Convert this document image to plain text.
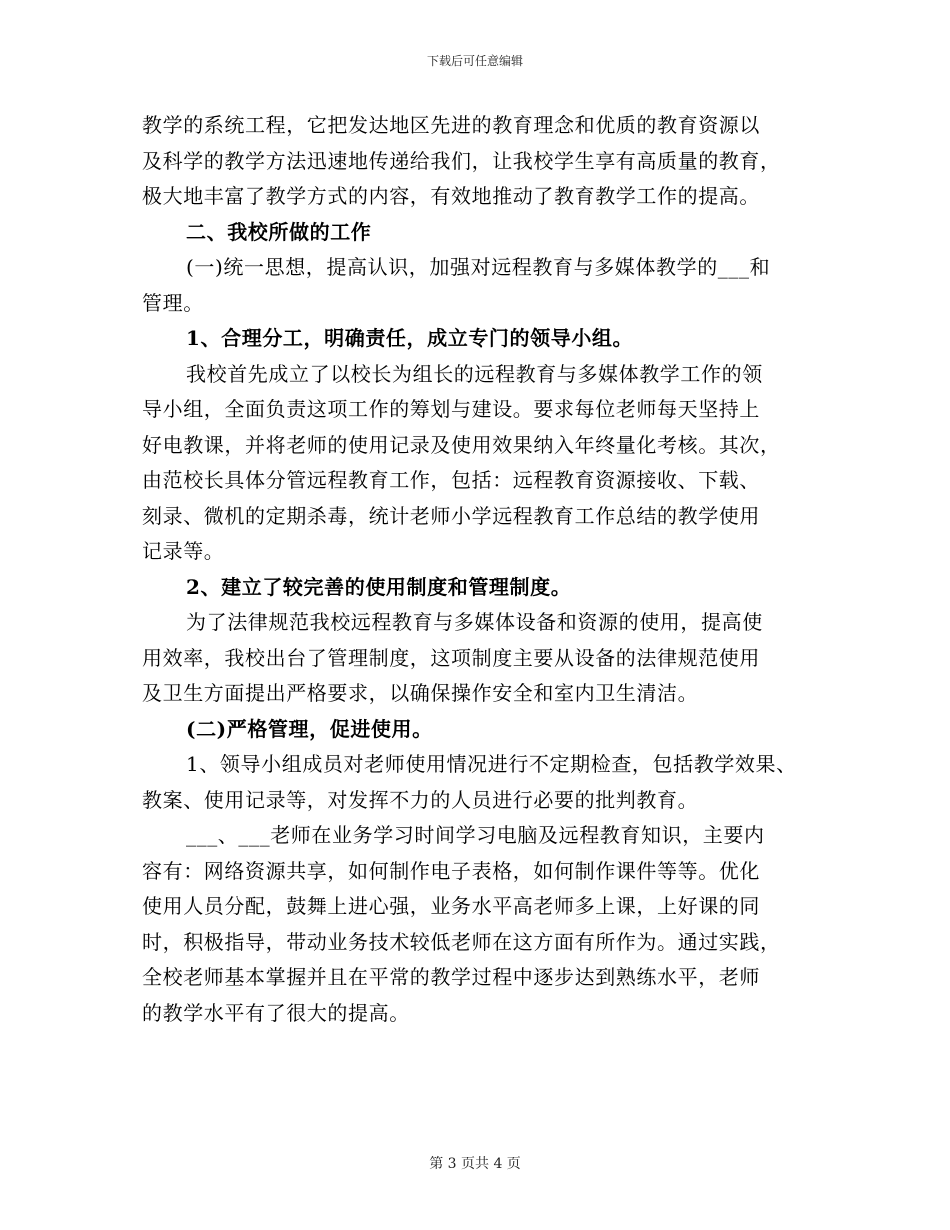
下载后可任意编辑
教学的系统工程，它把发达地区先进的教育理念和优质的教育资源以
及科学的教学方法迅速地传递给我们，让我校学生享有高质量的教育，
极大地丰富了教学方式的内容，有效地推动了教育教学工作的提高。
二、我校所做的工作
(一)统一思想，提高认识，加强对远程教育与多媒体教学的___和
管理。
1、合理分工，明确责任，成立专门的领导小组。
我校首先成立了以校长为组长的远程教育与多媒体教学工作的领
导小组，全面负责这项工作的筹划与建设。要求每位老师每天坚持上
好电教课，并将老师的使用记录及使用效果纳入年终量化考核。其次，
由范校长具体分管远程教育工作，包括：远程教育资源接收、下载、
刻录、微机的定期杀毒，统计老师小学远程教育工作总结的教学使用
记录等。
2、建立了较完善的使用制度和管理制度。
为了法律规范我校远程教育与多媒体设备和资源的使用，提高使
用效率，我校出台了管理制度，这项制度主要从设备的法律规范使用
及卫生方面提出严格要求，以确保操作安全和室内卫生清洁。
(二)严格管理，促进使用。
1、领导小组成员对老师使用情况进行不定期检查，包括教学效果、
教案、使用记录等，对发挥不力的人员进行必要的批判教育。
___、___老师在业务学习时间学习电脑及远程教育知识，主要内
容有：网络资源共享，如何制作电子表格，如何制作课件等等。优化
使用人员分配，鼓舞上进心强，业务水平高老师多上课，上好课的同
时，积极指导，带动业务技术较低老师在这方面有所作为。通过实践，
全校老师基本掌握并且在平常的教学过程中逐步达到熟练水平，老师
的教学水平有了很大的提高。
第 3 页共 4 页
